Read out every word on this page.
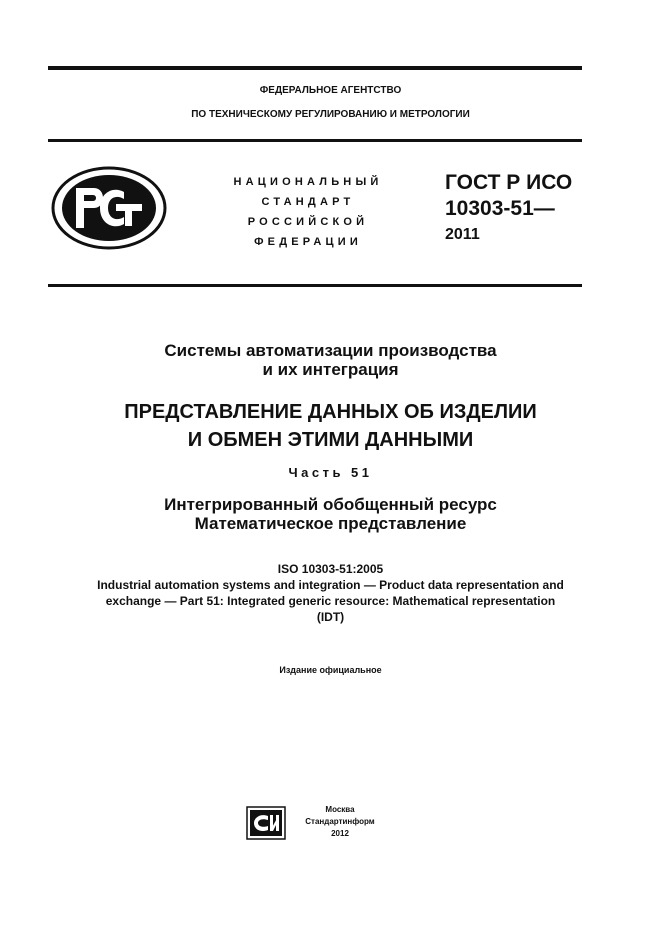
ФЕДЕРАЛЬНОЕ АГЕНТСТВО
ПО ТЕХНИЧЕСКОМУ РЕГУЛИРОВАНИЮ И МЕТРОЛОГИИ
НАЦИОНАЛЬНЫЙ
СТАНДАРТ
РОССИЙСКОЙ
ФЕДЕРАЦИИ
ГОСТ Р ИСО
10303-51—
2011
Системы автоматизации производства
и их интеграция
ПРЕДСТАВЛЕНИЕ ДАННЫХ ОБ ИЗДЕЛИИ
И ОБМЕН ЭТИМИ ДАННЫМИ
Часть 51
Интегрированный обобщенный ресурс
Математическое представление
ISO 10303-51:2005
Industrial automation systems and integration — Product data representation and
exchange — Part 51: Integrated generic resource: Mathematical representation
(IDT)
Издание официальное
Москва
Стандартинформ
2012
